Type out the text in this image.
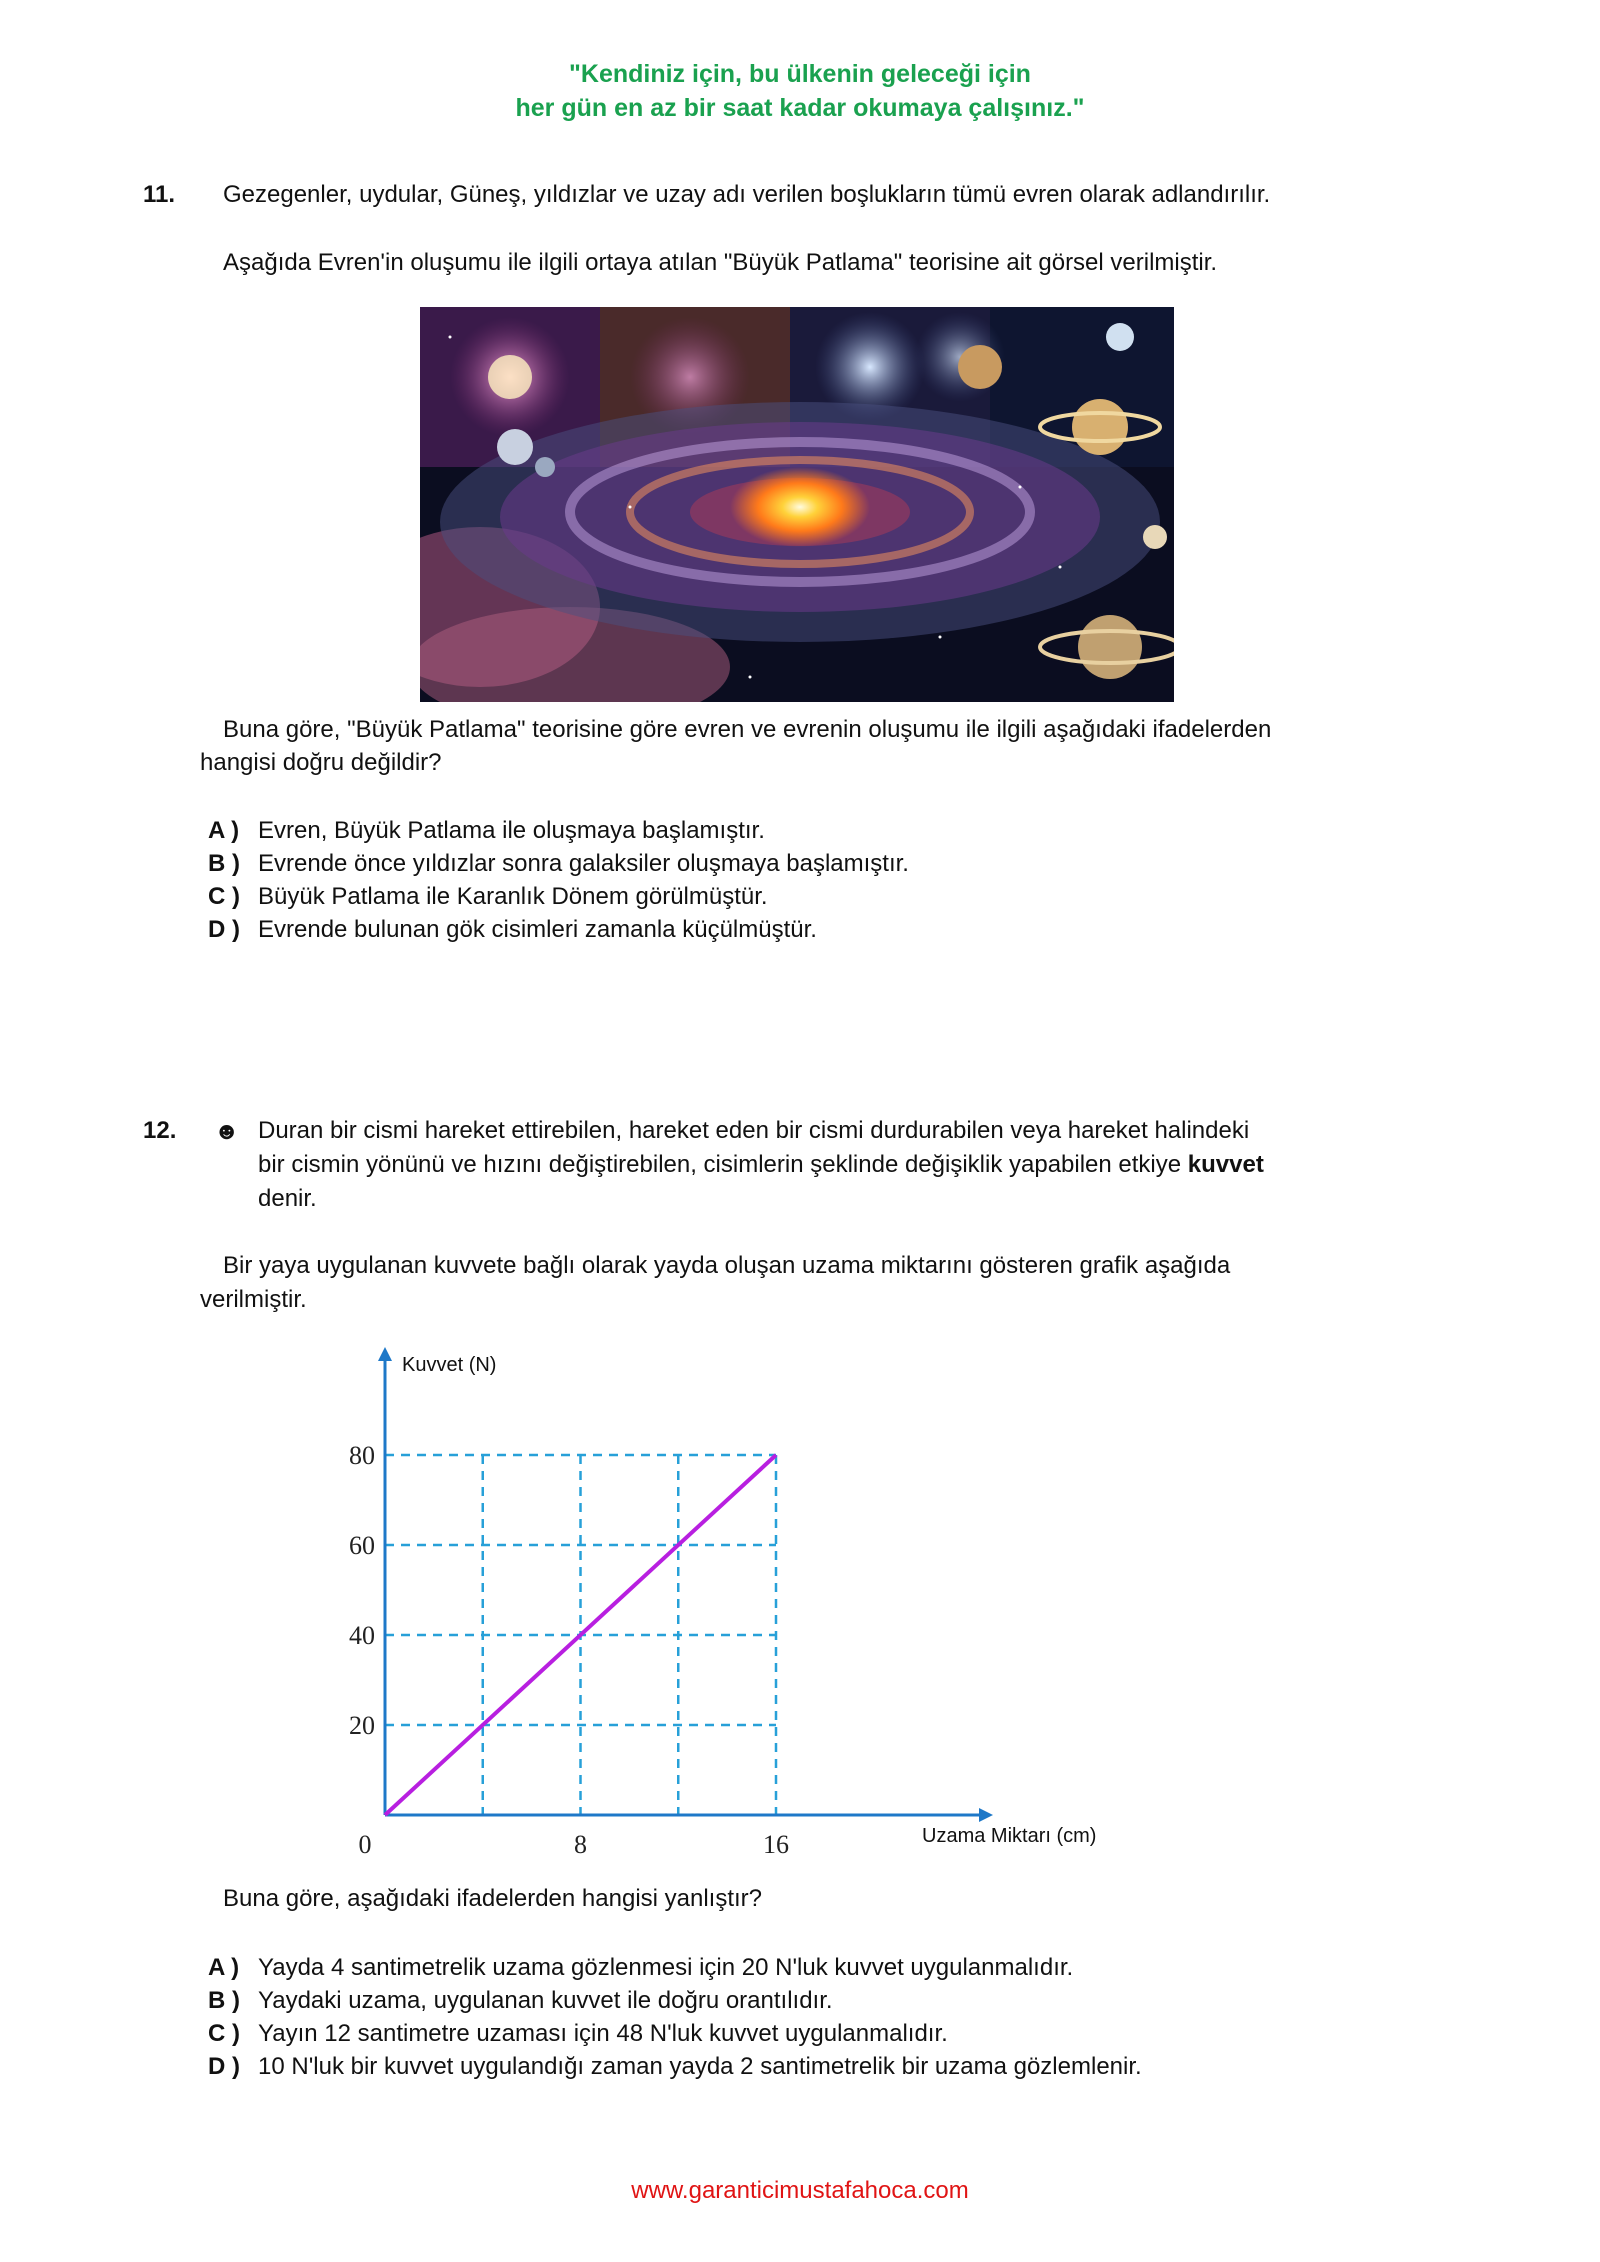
"Kendiniz için, bu ülkenin geleceği için
her gün en az bir saat kadar okumaya çalışınız."
11. Gezegenler, uydular, Güneş, yıldızlar ve uzay adı verilen boşlukların tümü evren olarak adlandırılır.
Aşağıda Evren'in oluşumu ile ilgili ortaya atılan "Büyük Patlama" teorisine ait görsel verilmiştir.
Buna göre, "Büyük Patlama" teorisine göre evren ve evrenin oluşumu ile ilgili aşağıdaki ifadelerden
hangisi doğru değildir?
A ) Evren, Büyük Patlama ile oluşmaya başlamıştır.
B ) Evrende önce yıldızlar sonra galaksiler oluşmaya başlamıştır.
C ) Büyük Patlama ile Karanlık Dönem görülmüştür.
D ) Evrende bulunan gök cisimleri zamanla küçülmüştür.
12. ☻ Duran bir cismi hareket ettirebilen, hareket eden bir cismi durdurabilen veya hareket halindeki
bir cismin yönünü ve hızını değiştirebilen, cisimlerin şeklinde değişiklik yapabilen etkiye kuvvet
denir.
Bir yaya uygulanan kuvvete bağlı olarak yayda oluşan uzama miktarını gösteren grafik aşağıda
verilmiştir.
20
40
60
80
0	8	16
Kuvvet (N)
Uzama Miktarı (cm)
Buna göre, aşağıdaki ifadelerden hangisi yanlıştır?
A ) Yayda 4 santimetrelik uzama gözlenmesi için 20 N'luk kuvvet uygulanmalıdır.
B ) Yaydaki uzama, uygulanan kuvvet ile doğru orantılıdır.
C ) Yayın 12 santimetre uzaması için 48 N'luk kuvvet uygulanmalıdır.
D ) 10 N'luk bir kuvvet uygulandığı zaman yayda 2 santimetrelik bir uzama gözlemlenir.
www.garanticimustafahoca.com
